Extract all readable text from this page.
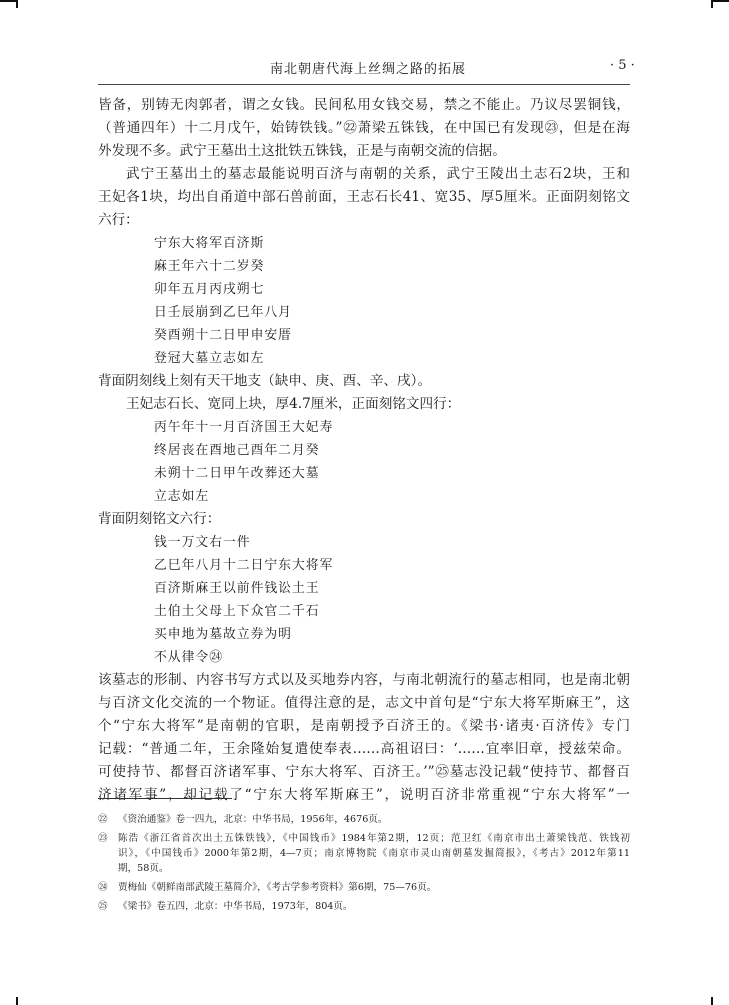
南北朝唐代海上丝绸之路的拓展	· 5 ·
皆备，别铸无肉郭者，谓之女钱。民间私用女钱交易，禁之不能止。乃议尽罢铜钱，
（普通四年）十二月戊午，始铸铁钱。”㉒萧梁五铢钱，在中国已有发现㉓，但是在海
外发现不多。武宁王墓出土这批铁五铢钱，正是与南朝交流的信据。
武宁王墓出土的墓志最能说明百济与南朝的关系，武宁王陵出土志石2块，王和
王妃各1块，均出自甬道中部石兽前面，王志石长41、宽35、厚5厘米。正面阴刻铭文
六行：
宁东大将军百济斯
麻王年六十二岁癸
卯年五月丙戌朔七
日壬辰崩到乙巳年八月
癸酉朔十二日甲申安厝
登冠大墓立志如左
背面阴刻线上刻有天干地支（缺申、庚、酉、辛、戌）。
王妃志石长、宽同上块，厚4.7厘米，正面刻铭文四行：
丙午年十一月百济国王大妃寿
终居丧在酉地己酉年二月癸
未朔十二日甲午改葬还大墓
立志如左
背面阴刻铭文六行：
钱一万文右一件
乙巳年八月十二日宁东大将军
百济斯麻王以前件钱讼土王
土伯土父母上下众官二千石
买申地为墓故立券为明
不从律令㉔
该墓志的形制、内容书写方式以及买地券内容，与南北朝流行的墓志相同，也是南北朝
与百济文化交流的一个物证。值得注意的是，志文中首句是“宁东大将军斯麻王”，这
个“宁东大将军”是南朝的官职，是南朝授予百济王的。《梁书·诸夷·百济传》专门
记载：“普通二年，王余隆始复遣使奉表……高祖诏曰：‘……宜率旧章，授兹荣命。
可使持节、都督百济诸军事、宁东大将军、百济王。’”㉕墓志没记载“使持节、都督百
济诸军事”，却记载了“宁东大将军斯麻王”，说明百济非常重视“宁东大将军”一
㉒ 《资治通鉴》卷一四九，北京：中华书局，1956年，4676页。
㉓ 陈浩《浙江省首次出土五铢铁钱》，《中国钱币》1984年第2期，12页；范卫红《南京市出土萧梁钱范、铁钱初
识》，《中国钱币》2000年第2期，4—7页；南京博物院《南京市灵山南朝墓发掘简报》，《考古》2012年第11
期，58页。
㉔ 贾梅仙《朝鲜南部武陵王墓简介》，《考古学参考资料》第6期，75—76页。
㉕ 《梁书》卷五四，北京：中华书局，1973年，804页。
